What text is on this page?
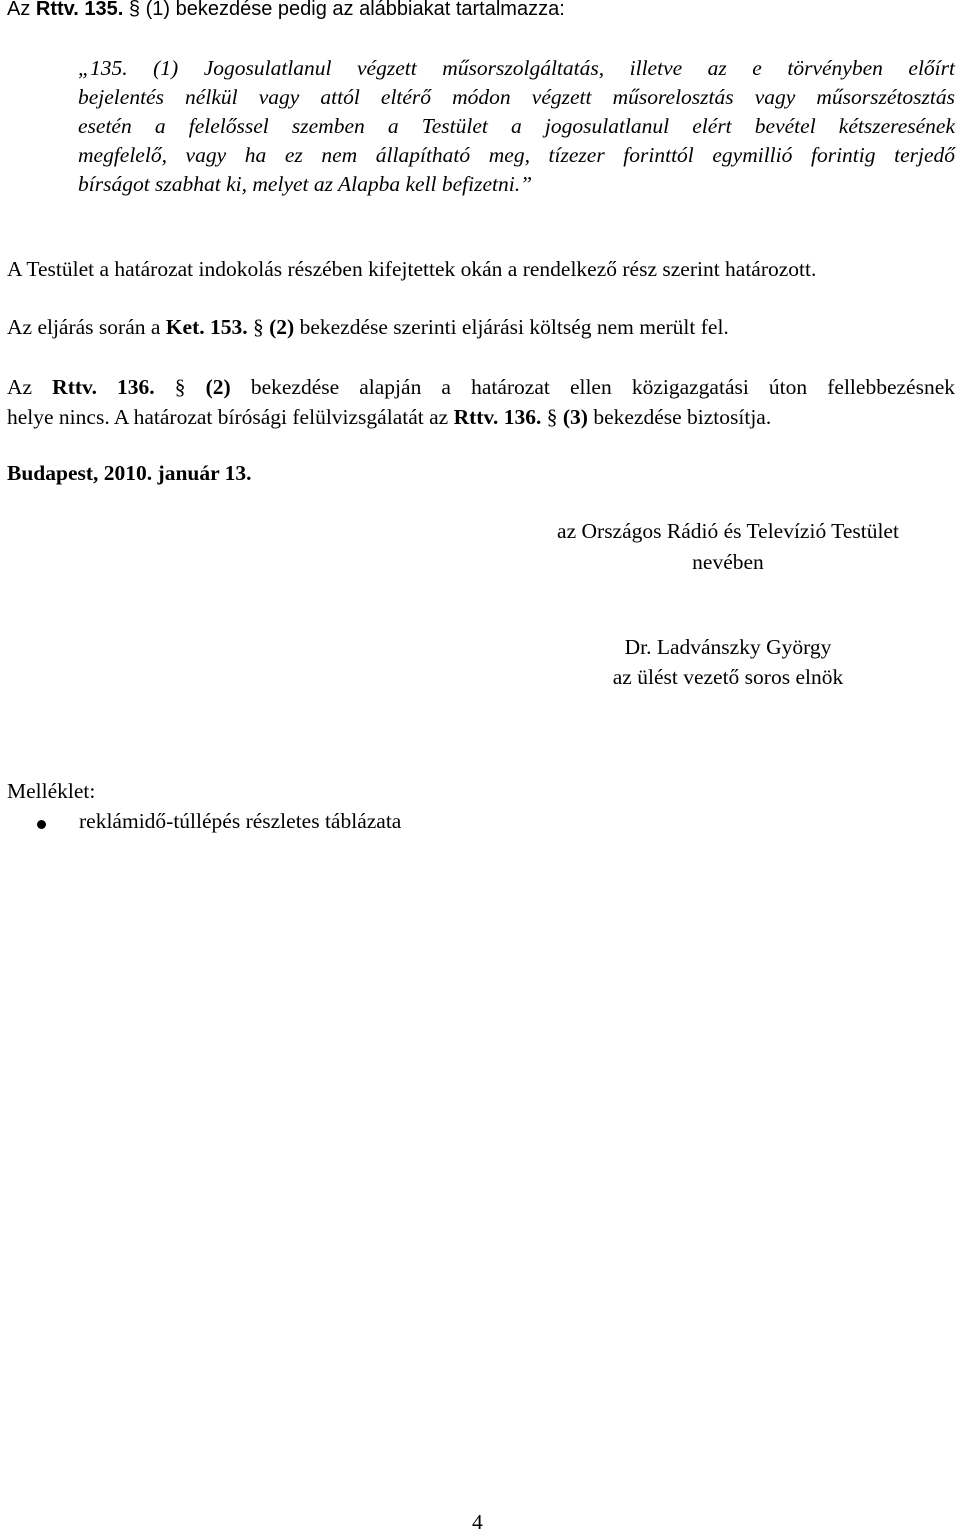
Az Rttv. 135. § (1) bekezdése pedig az alábbiakat tartalmazza:

„135. (1) Jogosulatlanul végzett műsorszolgáltatás, illetve az e törvényben előírt
bejelentés nélkül vagy attól eltérő módon végzett műsorelosztás vagy műsorszétosztás
esetén a felelőssel szemben a Testület a jogosulatlanul elért bevétel kétszeresének
megfelelő, vagy ha ez nem állapítható meg, tízezer forinttól egymillió forintig terjedő
bírságot szabhat ki, melyet az Alapba kell befizetni.”

A Testület a határozat indokolás részében kifejtettek okán a rendelkező rész szerint határozott.

Az eljárás során a Ket. 153. § (2) bekezdése szerinti eljárási költség nem merült fel.

Az Rttv. 136. § (2) bekezdése alapján a határozat ellen közigazgatási úton fellebbezésnek
helye nincs. A határozat bírósági felülvizsgálatát az Rttv. 136. § (3) bekezdése biztosítja.

Budapest, 2010. január 13.

az Országos Rádió és Televízió Testület
nevében
Dr. Ladvánszky György
az ülést vezető soros elnök

Melléklet:

reklámidő-túllépés részletes táblázata

4
